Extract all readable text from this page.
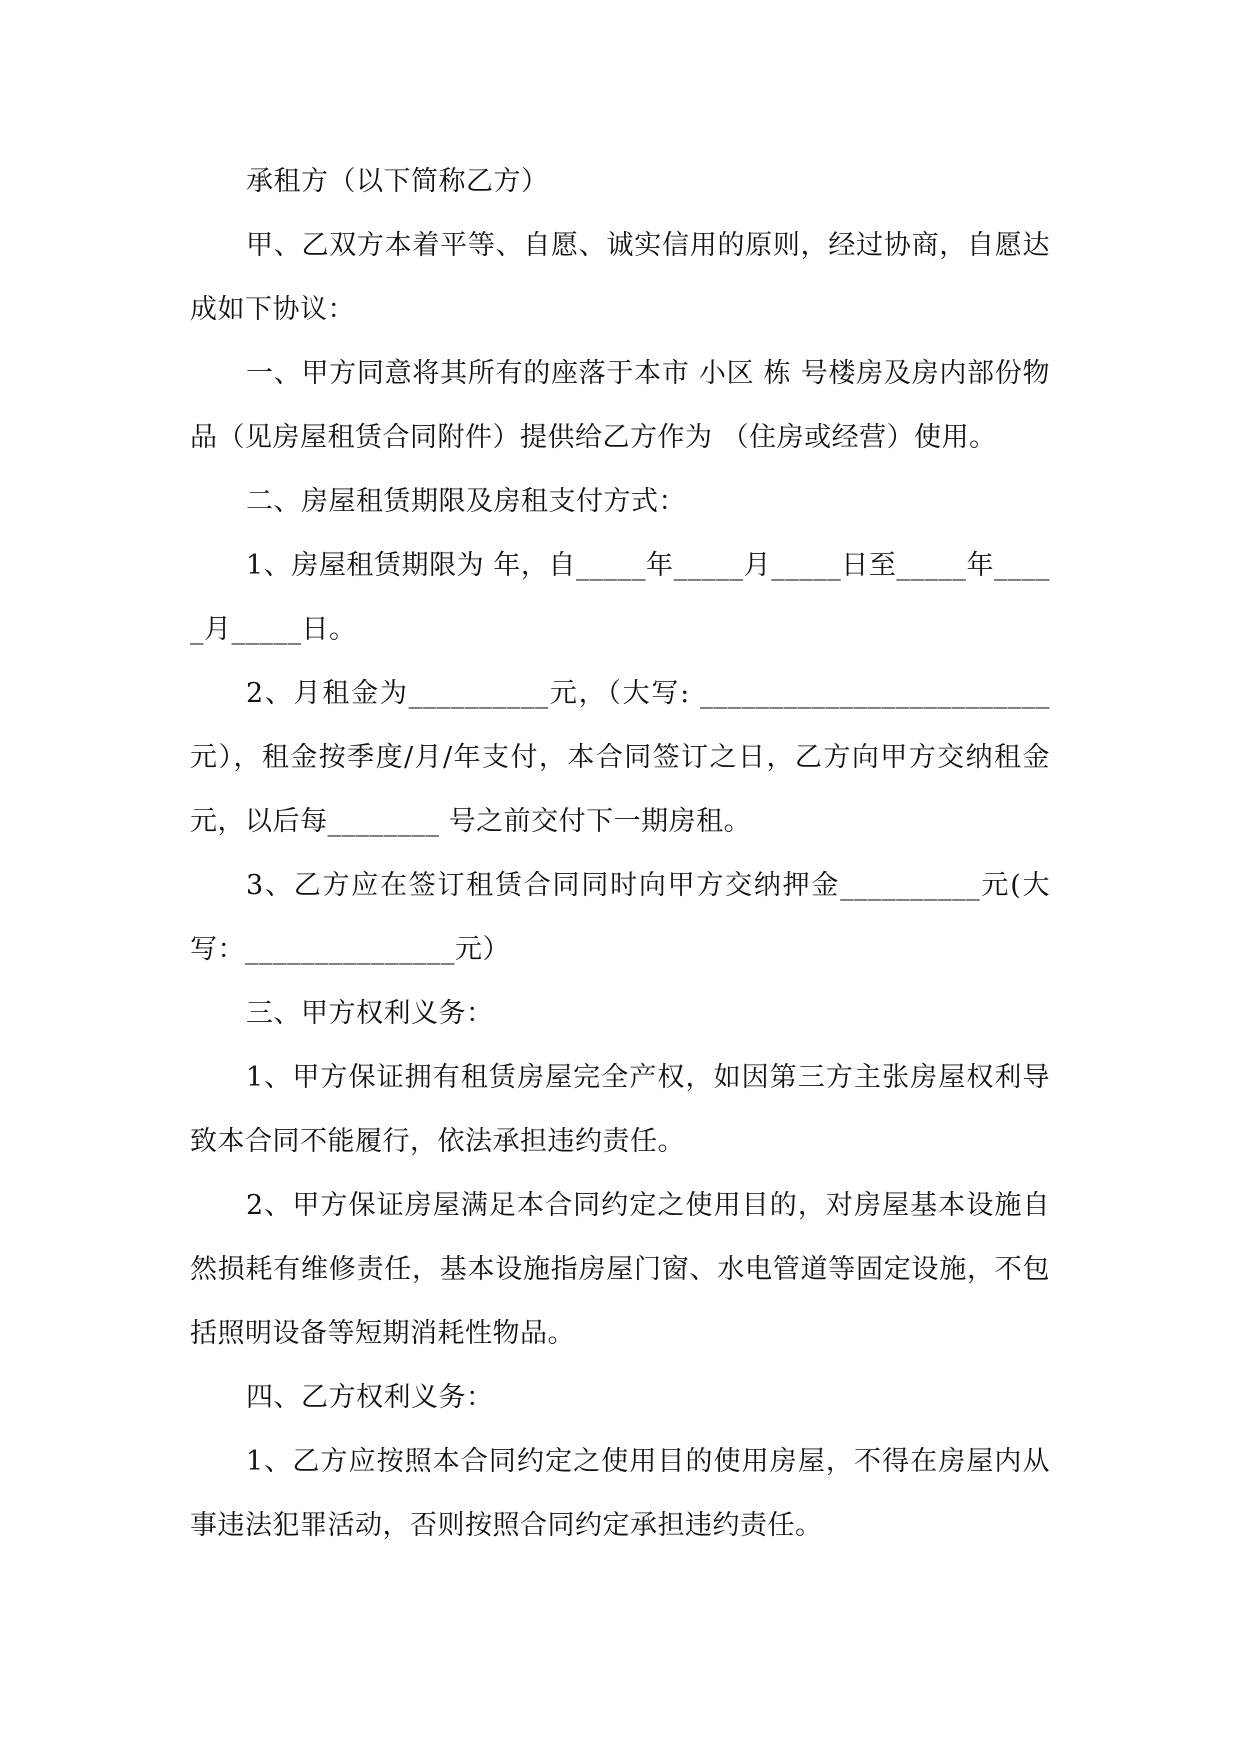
承租方（以下简称乙方）

甲、乙双方本着平等、自愿、诚实信用的原则，经过协商，自愿达成如下协议：

一、甲方同意将其所有的座落于本市 小区 栋 号楼房及房内部份物品（见房屋租赁合同附件）提供给乙方作为 （住房或经营）使用。

二、房屋租赁期限及房租支付方式：

1、房屋租赁期限为 年，自_____年_____月_____日至_____年_____月_____日。

2、月租金为__________元，（大写: _________________________元），租金按季度/月/年支付，本合同签订之日，乙方向甲方交纳租金 元，以后每________ 号之前交付下一期房租。

3、乙方应在签订租赁合同同时向甲方交纳押金__________元(大写：_______________元）

三、甲方权利义务：

1、甲方保证拥有租赁房屋完全产权，如因第三方主张房屋权利导致本合同不能履行，依法承担违约责任。

2、甲方保证房屋满足本合同约定之使用目的，对房屋基本设施自然损耗有维修责任，基本设施指房屋门窗、水电管道等固定设施，不包括照明设备等短期消耗性物品。

四、乙方权利义务：

1、乙方应按照本合同约定之使用目的使用房屋，不得在房屋内从事违法犯罪活动，否则按照合同约定承担违约责任。
